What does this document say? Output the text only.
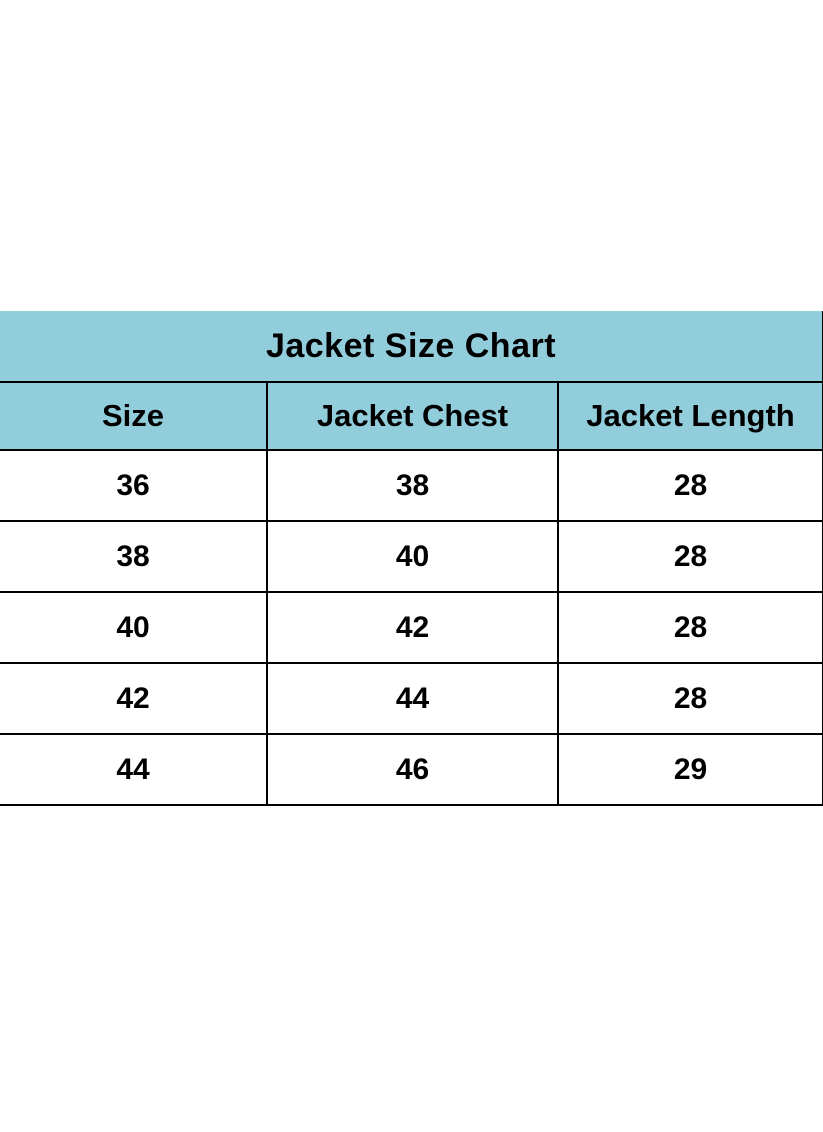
Jacket Size Chart		
Size	Jacket Chest	Jacket Length
36	38	28
38	40	28
40	42	28
42	44	28
44	46	29
